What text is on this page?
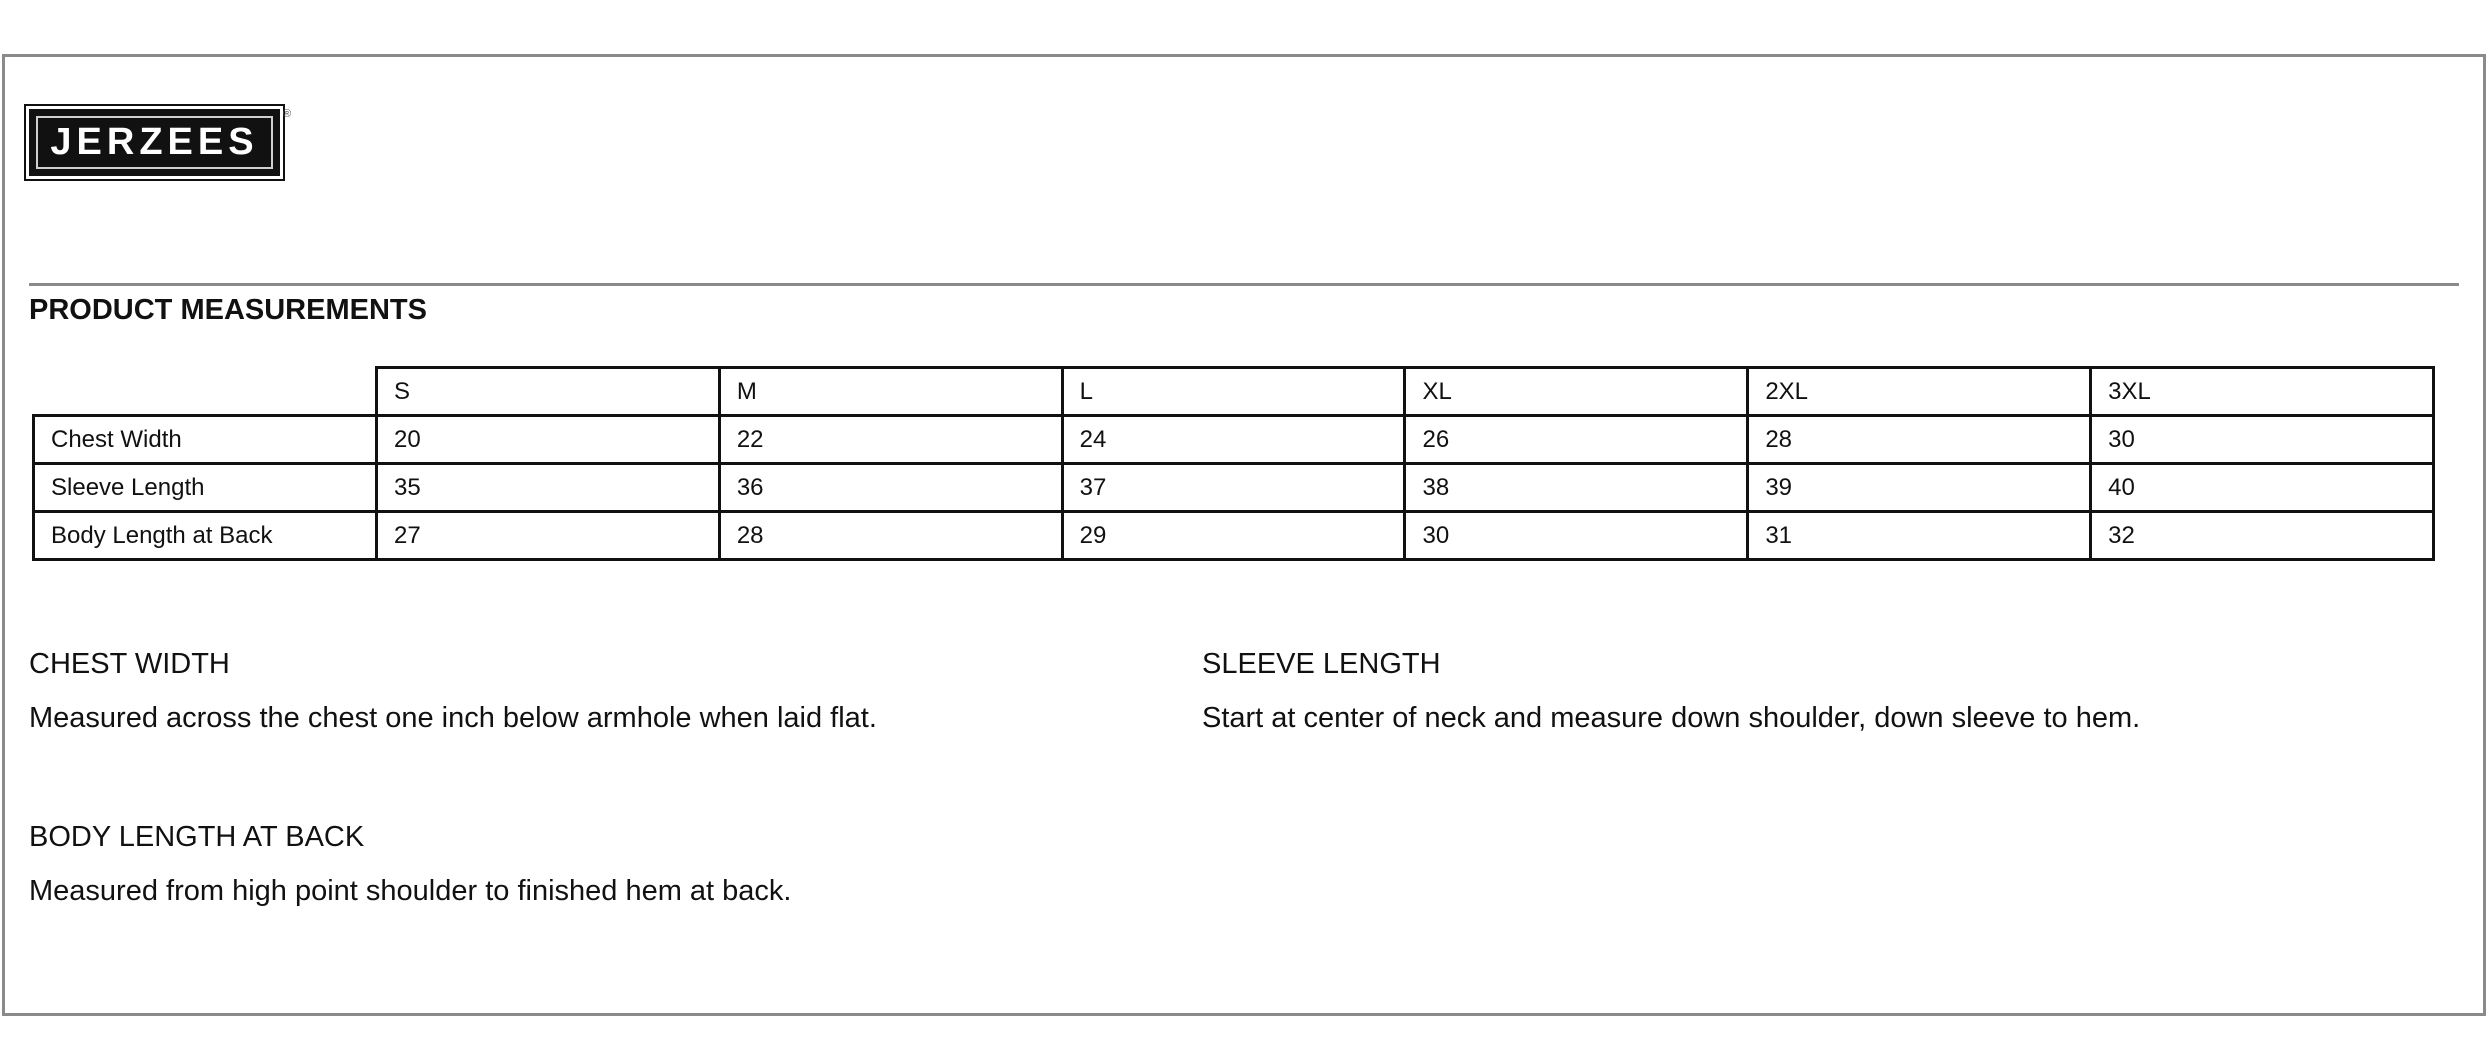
JERZEES
®
PRODUCT MEASUREMENTS
	S	M	L	XL	2XL	3XL
Chest Width	20	22	24	26	28	30
Sleeve Length	35	36	37	38	39	40
Body Length at Back	27	28	29	30	31	32
CHEST WIDTH
Measured across the chest one inch below armhole when laid flat.
SLEEVE LENGTH
Start at center of neck and measure down shoulder, down sleeve to hem.
BODY LENGTH AT BACK
Measured from high point shoulder to finished hem at back.
